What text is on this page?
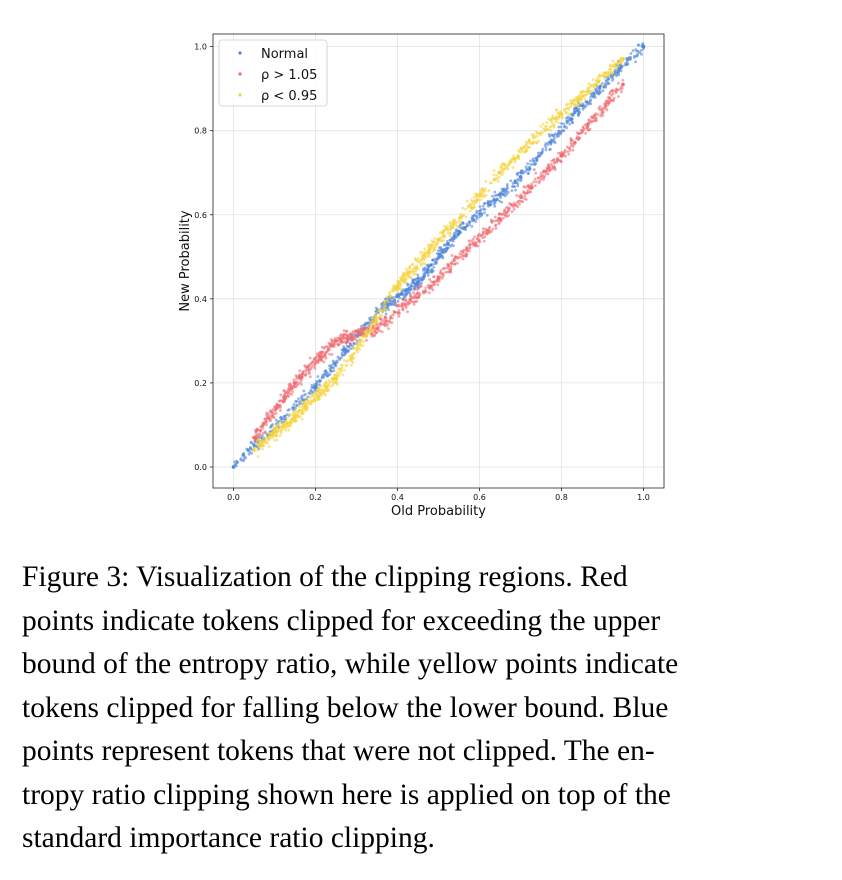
0.0	0.2	0.4	0.6	0.8	1.0
0.0
0.2
0.4
0.6
0.8
1.0
Old Probability
New Probability
Normal
ρ > 1.05
ρ < 0.95
Figure 3: Visualization of the clipping regions. Red
points indicate tokens clipped for exceeding the upper
bound of the entropy ratio, while yellow points indicate
tokens clipped for falling below the lower bound. Blue
points represent tokens that were not clipped. The en-
tropy ratio clipping shown here is applied on top of the
standard importance ratio clipping.
